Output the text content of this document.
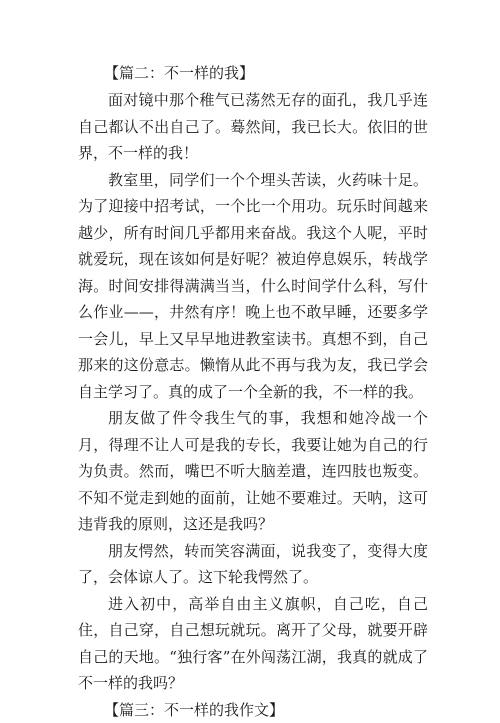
【篇二：不一样的我】

面对镜中那个稚气已荡然无存的面孔，我几乎连自己都认不出自己了。蓦然间，我已长大。依旧的世界，不一样的我！

教室里，同学们一个个埋头苦读，火药味十足。为了迎接中招考试，一个比一个用功。玩乐时间越来越少，所有时间几乎都用来奋战。我这个人呢，平时就爱玩，现在该如何是好呢？被迫停息娱乐，转战学海。时间安排得满满当当，什么时间学什么科，写什么作业——，井然有序！晚上也不敢早睡，还要多学一会儿，早上又早早地进教室读书。真想不到，自己那来的这份意志。懒惰从此不再与我为友，我已学会自主学习了。真的成了一个全新的我，不一样的我。

朋友做了件令我生气的事，我想和她冷战一个月，得理不让人可是我的专长，我要让她为自己的行为负责。然而，嘴巴不听大脑差遣，连四肢也叛变。不知不觉走到她的面前，让她不要难过。天呐，这可违背我的原则，这还是我吗？

朋友愕然，转而笑容满面，说我变了，变得大度了，会体谅人了。这下轮我愕然了。

进入初中，高举自由主义旗帜，自己吃，自己住，自己穿，自己想玩就玩。离开了父母，就要开辟自己的天地。“独行客”在外闯荡江湖，我真的就成了不一样的我吗？

【篇三：不一样的我作文】
